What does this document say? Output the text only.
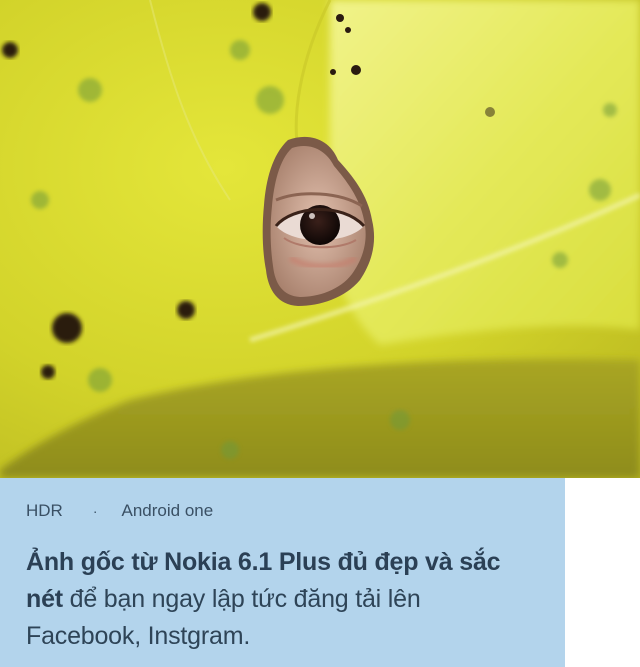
HDR · Android one
Ảnh gốc từ Nokia 6.1 Plus đủ đẹp và sắc nét để bạn ngay lập tức đăng tải lên Facebook, Instgram.
